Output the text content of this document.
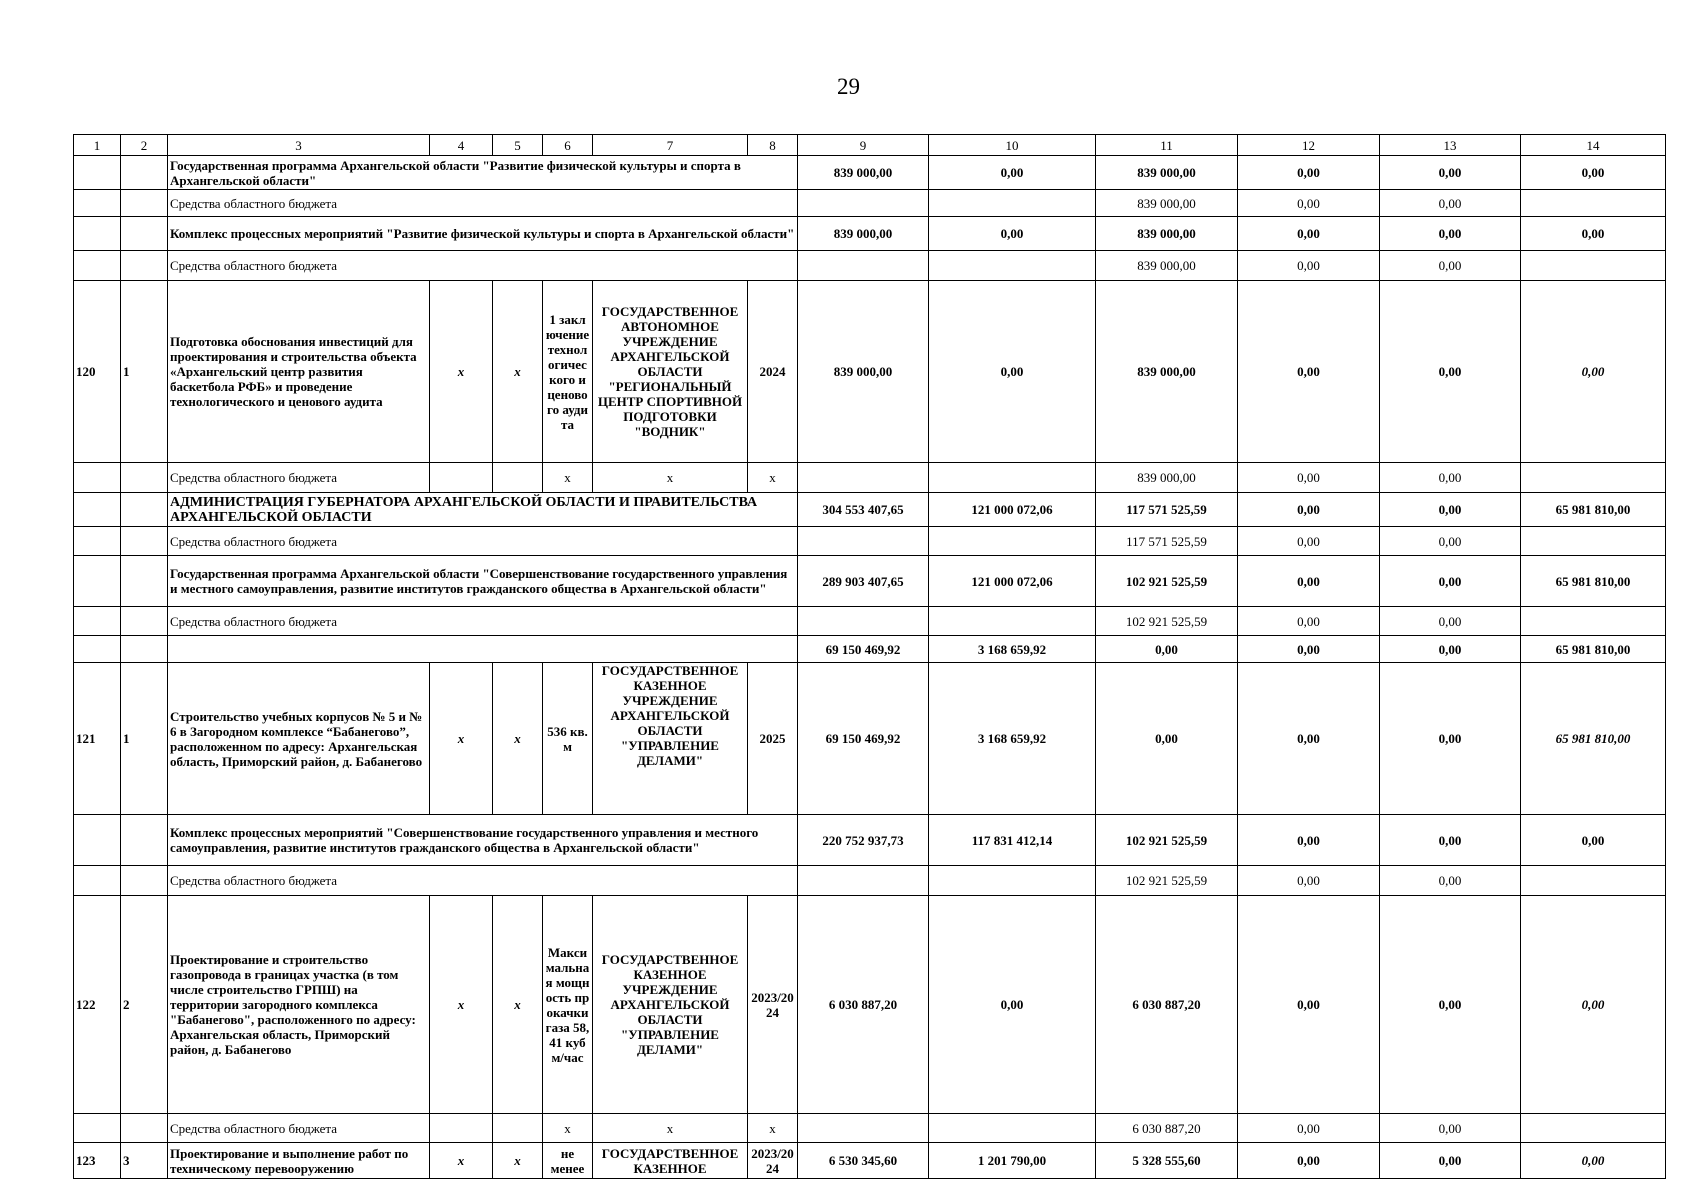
29
1	2	3	4	5	6	7	8	9	10	11	12	13	14
		Государственная программа Архангельской области "Развитие физической культуры и спорта в Архангельской области"						839 000,00	0,00	839 000,00	0,00	0,00	0,00
		Средства областного бюджета								839 000,00	0,00	0,00	
		Комплекс процессных мероприятий "Развитие физической культуры и спорта в Архангельской области"						839 000,00	0,00	839 000,00	0,00	0,00	0,00
		Средства областного бюджета								839 000,00	0,00	0,00	
120	1	Подготовка обоснования инвестиций для проектирования и строительства объекта «Архангельский центр развития баскетбола РФБ» и проведение технологического и ценового аудита	x	x	1 заключение технологического и ценового аудита	ГОСУДАРСТВЕННОЕ АВТОНОМНОЕ УЧРЕЖДЕНИЕ АРХАНГЕЛЬСКОЙ ОБЛАСТИ "РЕГИОНАЛЬНЫЙ ЦЕНТР СПОРТИВНОЙ ПОДГОТОВКИ "ВОДНИК"	2024	839 000,00	0,00	839 000,00	0,00	0,00	0,00
		Средства областного бюджета			x	x	x			839 000,00	0,00	0,00	
		АДМИНИСТРАЦИЯ ГУБЕРНАТОРА АРХАНГЕЛЬСКОЙ ОБЛАСТИ И ПРАВИТЕЛЬСТВА АРХАНГЕЛЬСКОЙ ОБЛАСТИ						304 553 407,65	121 000 072,06	117 571 525,59	0,00	0,00	65 981 810,00
		Средства областного бюджета								117 571 525,59	0,00	0,00	
		Государственная программа Архангельской области "Совершенствование государственного управления и местного самоуправления, развитие институтов гражданского общества в Архангельской области"						289 903 407,65	121 000 072,06	102 921 525,59	0,00	0,00	65 981 810,00
		Средства областного бюджета								102 921 525,59	0,00	0,00	
								69 150 469,92	3 168 659,92	0,00	0,00	0,00	65 981 810,00
121	1	Строительство учебных корпусов № 5 и № 6 в Загородном комплексе “Бабанегово”, расположенном по адресу: Архангельская область, Приморский район, д. Бабанегово	x	x	536 кв. м	ГОСУДАРСТВЕННОЕ КАЗЕННОЕ УЧРЕЖДЕНИЕ АРХАНГЕЛЬСКОЙ ОБЛАСТИ "УПРАВЛЕНИЕ ДЕЛАМИ"	2025	69 150 469,92	3 168 659,92	0,00	0,00	0,00	65 981 810,00
		Комплекс процессных мероприятий "Совершенствование государственного управления и местного самоуправления, развитие институтов гражданского общества в Архангельской области"						220 752 937,73	117 831 412,14	102 921 525,59	0,00	0,00	0,00
		Средства областного бюджета								102 921 525,59	0,00	0,00	
122	2	Проектирование и строительство газопровода в границах участка (в том числе строительство ГРПШ) на территории загородного комплекса "Бабанегово", расположенного по адресу: Архангельская область, Приморский район, д. Бабанегово	x	x	Максимальная мощность прокачки газа 58,41 куб м/час	ГОСУДАРСТВЕННОЕ КАЗЕННОЕ УЧРЕЖДЕНИЕ АРХАНГЕЛЬСКОЙ ОБЛАСТИ "УПРАВЛЕНИЕ ДЕЛАМИ"	2023/2024	6 030 887,20	0,00	6 030 887,20	0,00	0,00	0,00
		Средства областного бюджета			x	x	x			6 030 887,20	0,00	0,00	
123	3	Проектирование и выполнение работ по техническому перевооружению	x	x	не менее	ГОСУДАРСТВЕННОЕ КАЗЕННОЕ	2023/2024	6 530 345,60	1 201 790,00	5 328 555,60	0,00	0,00	0,00
